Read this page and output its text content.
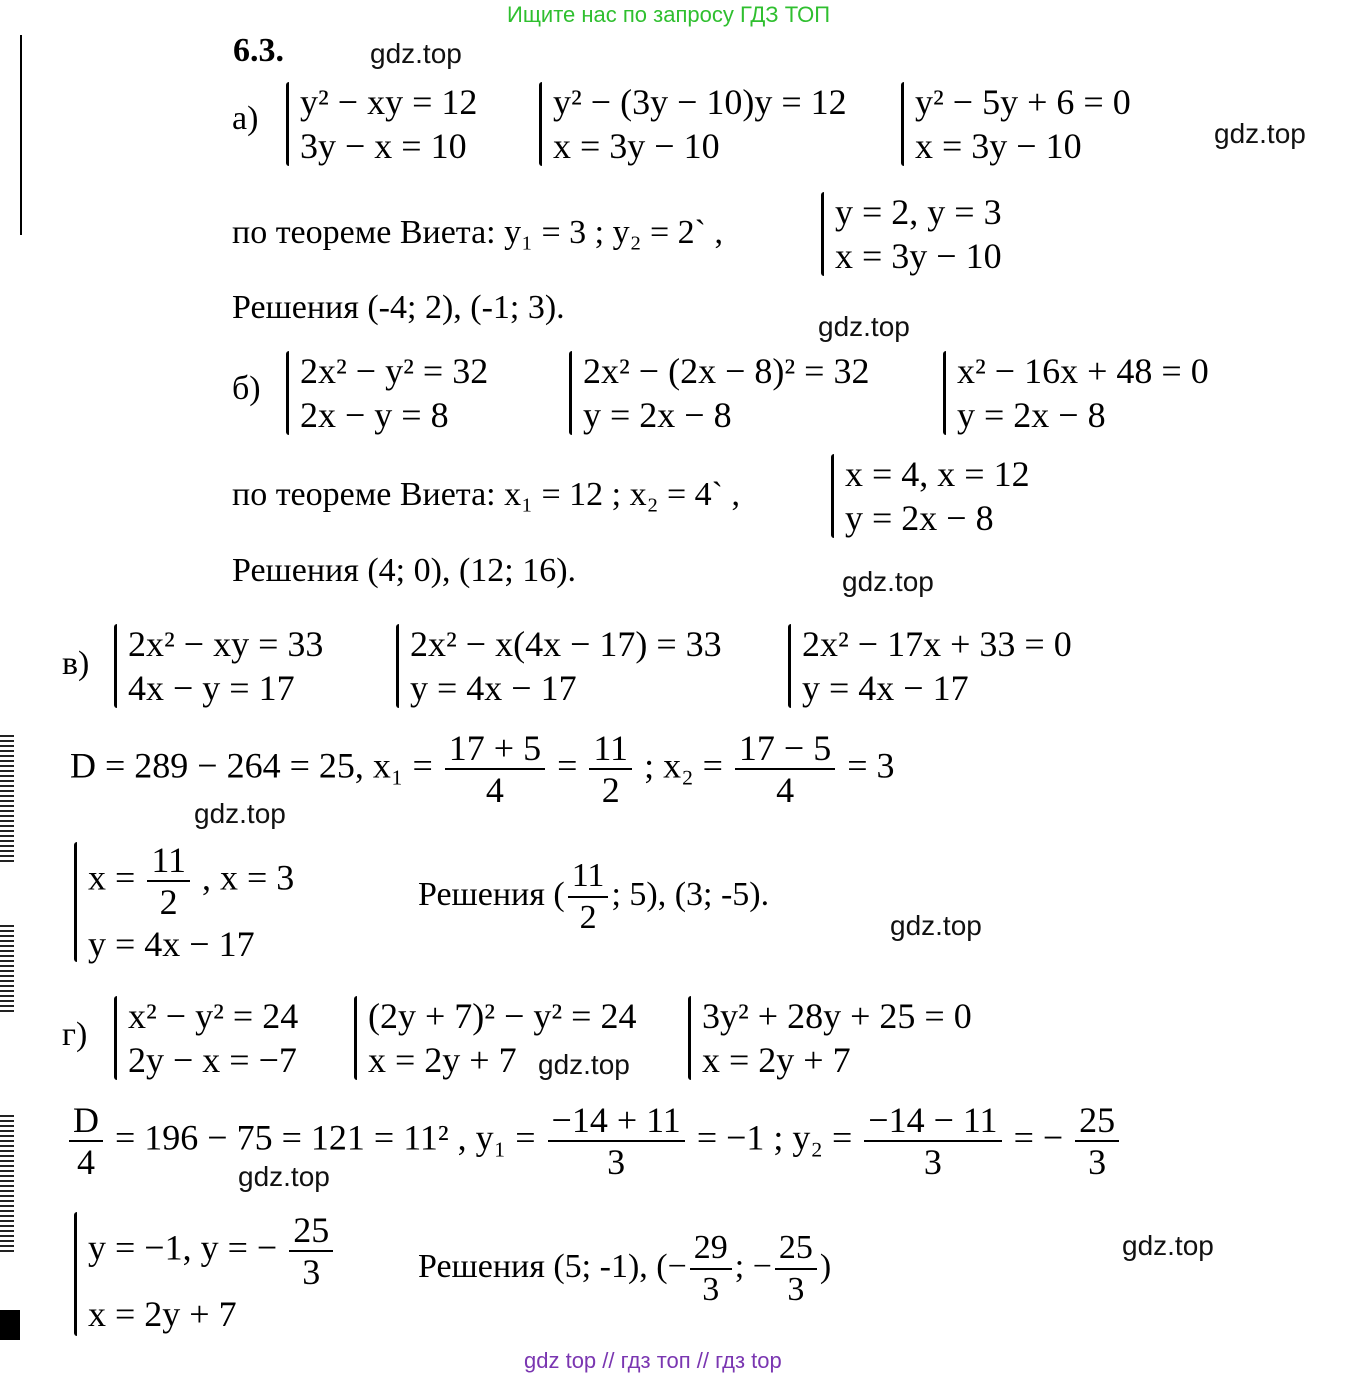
Ищите нас по запросу ГДЗ ТОП
6.3.	gdz.top
gdz.top
gdz.top
gdz.top
gdz.top
gdz.top
gdz.top
gdz.top
gdz.top
а) y² − xy = 12
3y − x = 10
y² − (3y − 10)y = 12
x = 3y − 10
y² − 5y + 6 = 0
x = 3y − 10
по теореме Виета: y₁ = 3 ; y₂ = 2` ,
y = 2, y = 3
x = 3y − 10
Решения (-4; 2), (-1; 3).
б) 2x² − y² = 32
2x − y = 8
2x² − (2x − 8)² = 32
y = 2x − 8
x² − 16x + 48 = 0
y = 2x − 8
по теореме Виета: x₁ = 12 ; x₂ = 4` ,
x = 4, x = 12
y = 2x − 8
Решения (4; 0), (12; 16).
в) 2x² − xy = 33
4x − y = 17
2x² − x(4x − 17) = 33
y = 4x − 17
2x² − 17x + 33 = 0
y = 4x − 17
D = 289 − 264 = 25, $x_1 = \frac{17 + 5}{4} = \frac{11}{2}$ ; $x_2 = \frac{17 - 5}{4} = 3$
$x = \frac{11}{2}$ , x = 3
y = 4x − 17
Решения ( $\frac{11}{2}$ ; 5), (3; -5).
г) x² − y² = 24
2y − x = −7
(2y + 7)² − y² = 24
x = 2y + 7
3y² + 28y + 25 = 0
x = 2y + 7
$\frac{D}{4} = 196 - 75 = 121 = 11^2$ , $y_1 = \frac{-14 + 11}{3} = -1$ ; $y_2 = \frac{-14 - 11}{3}$ = − $\frac{25}{3}$
y = −1, y = − $\frac{25}{3}$
x = 2y + 7
Решения (5; -1), (− $\frac{29}{3}$ ; − $\frac{25}{3}$ )
gdz top // гдз топ // гдз top
